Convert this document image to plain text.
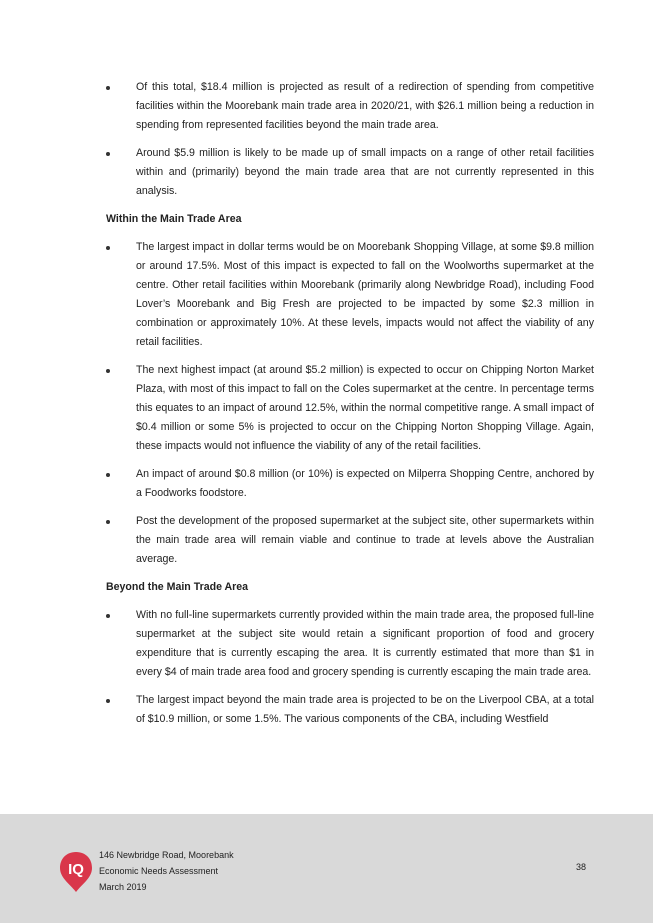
Of this total, $18.4 million is projected as result of a redirection of spending from competitive facilities within the Moorebank main trade area in 2020/21, with $26.1 million being a reduction in spending from represented facilities beyond the main trade area.
Around $5.9 million is likely to be made up of small impacts on a range of other retail facilities within and (primarily) beyond the main trade area that are not currently represented in this analysis.
Within the Main Trade Area
The largest impact in dollar terms would be on Moorebank Shopping Village, at some $9.8 million or around 17.5%. Most of this impact is expected to fall on the Woolworths supermarket at the centre. Other retail facilities within Moorebank (primarily along Newbridge Road), including Food Lover’s Moorebank and Big Fresh are projected to be impacted by some $2.3 million in combination or approximately 10%. At these levels, impacts would not affect the viability of any retail facilities.
The next highest impact (at around $5.2 million) is expected to occur on Chipping Norton Market Plaza, with most of this impact to fall on the Coles supermarket at the centre. In percentage terms this equates to an impact of around 12.5%, within the normal competitive range. A small impact of $0.4 million or some 5% is projected to occur on the Chipping Norton Shopping Village. Again, these impacts would not influence the viability of any of the retail facilities.
An impact of around $0.8 million (or 10%) is expected on Milperra Shopping Centre, anchored by a Foodworks foodstore.
Post the development of the proposed supermarket at the subject site, other supermarkets within the main trade area will remain viable and continue to trade at levels above the Australian average.
Beyond the Main Trade Area
With no full-line supermarkets currently provided within the main trade area, the proposed full-line supermarket at the subject site would retain a significant proportion of food and grocery expenditure that is currently escaping the area. It is currently estimated that more than $1 in every $4 of main trade area food and grocery spending is currently escaping the main trade area.
The largest impact beyond the main trade area is projected to be on the Liverpool CBA, at a total of $10.9 million, or some 1.5%. The various components of the CBA, including Westfield
IQ
146 Newbridge Road, Moorebank
Economic Needs Assessment
March 2019
38
